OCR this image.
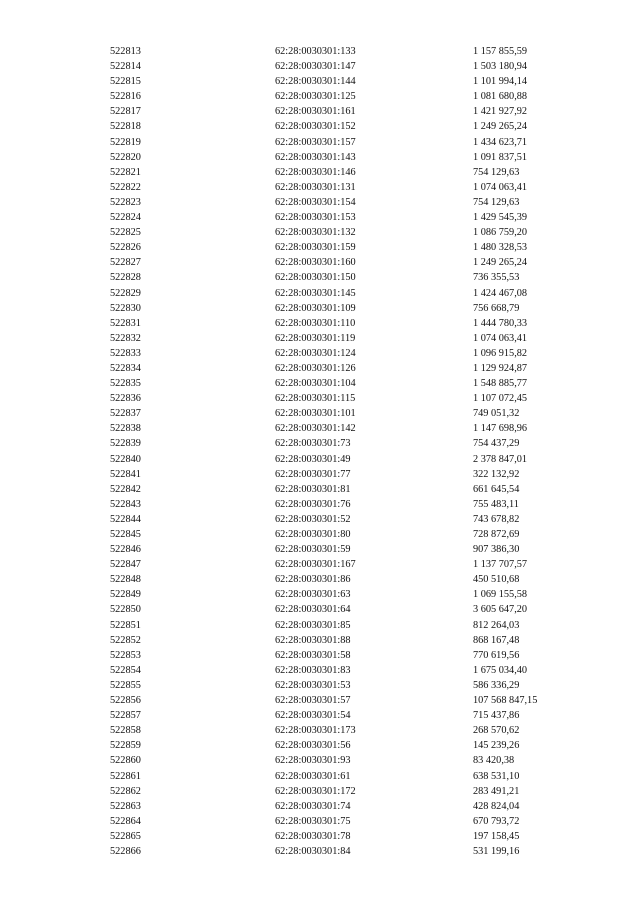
522813	62:28:0030301:133	1 157 855,59
522814	62:28:0030301:147	1 503 180,94
522815	62:28:0030301:144	1 101 994,14
522816	62:28:0030301:125	1 081 680,88
522817	62:28:0030301:161	1 421 927,92
522818	62:28:0030301:152	1 249 265,24
522819	62:28:0030301:157	1 434 623,71
522820	62:28:0030301:143	1 091 837,51
522821	62:28:0030301:146	754 129,63
522822	62:28:0030301:131	1 074 063,41
522823	62:28:0030301:154	754 129,63
522824	62:28:0030301:153	1 429 545,39
522825	62:28:0030301:132	1 086 759,20
522826	62:28:0030301:159	1 480 328,53
522827	62:28:0030301:160	1 249 265,24
522828	62:28:0030301:150	736 355,53
522829	62:28:0030301:145	1 424 467,08
522830	62:28:0030301:109	756 668,79
522831	62:28:0030301:110	1 444 780,33
522832	62:28:0030301:119	1 074 063,41
522833	62:28:0030301:124	1 096 915,82
522834	62:28:0030301:126	1 129 924,87
522835	62:28:0030301:104	1 548 885,77
522836	62:28:0030301:115	1 107 072,45
522837	62:28:0030301:101	749 051,32
522838	62:28:0030301:142	1 147 698,96
522839	62:28:0030301:73	754 437,29
522840	62:28:0030301:49	2 378 847,01
522841	62:28:0030301:77	322 132,92
522842	62:28:0030301:81	661 645,54
522843	62:28:0030301:76	755 483,11
522844	62:28:0030301:52	743 678,82
522845	62:28:0030301:80	728 872,69
522846	62:28:0030301:59	907 386,30
522847	62:28:0030301:167	1 137 707,57
522848	62:28:0030301:86	450 510,68
522849	62:28:0030301:63	1 069 155,58
522850	62:28:0030301:64	3 605 647,20
522851	62:28:0030301:85	812 264,03
522852	62:28:0030301:88	868 167,48
522853	62:28:0030301:58	770 619,56
522854	62:28:0030301:83	1 675 034,40
522855	62:28:0030301:53	586 336,29
522856	62:28:0030301:57	107 568 847,15
522857	62:28:0030301:54	715 437,86
522858	62:28:0030301:173	268 570,62
522859	62:28:0030301:56	145 239,26
522860	62:28:0030301:93	83 420,38
522861	62:28:0030301:61	638 531,10
522862	62:28:0030301:172	283 491,21
522863	62:28:0030301:74	428 824,04
522864	62:28:0030301:75	670 793,72
522865	62:28:0030301:78	197 158,45
522866	62:28:0030301:84	531 199,16
